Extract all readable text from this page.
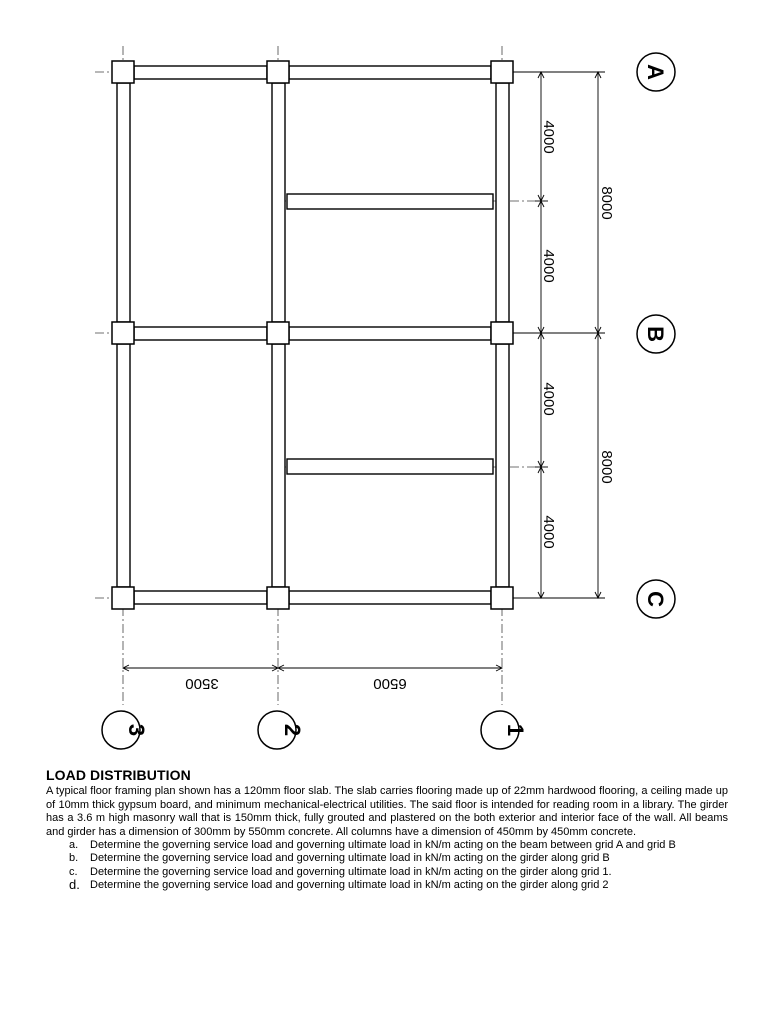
4000
4000
4000
4000
8000
8000
3500	6500
A
B
C
3	2	1
LOAD DISTRIBUTION

A typical floor framing plan shown has a 120mm floor slab. The slab carries flooring made up of 22mm hardwood flooring, a ceiling made up of 10mm thick gypsum board, and minimum mechanical-electrical utilities. The said floor is intended for reading room in a library. The girder has a 3.6 m high masonry wall that is 150mm thick, fully grouted and plastered on the both exterior and interior face of the wall. All beams and girder has a dimension of 300mm by 550mm concrete. All columns have a dimension of 450mm by 450mm concrete.

a. Determine the governing service load and governing ultimate load in kN/m acting on the beam between grid A and grid B
b. Determine the governing service load and governing ultimate load in kN/m acting on the girder along grid B
c. Determine the governing service load and governing ultimate load in kN/m acting on the girder along grid 1.
d. Determine the governing service load and governing ultimate load in kN/m acting on the girder along grid 2
